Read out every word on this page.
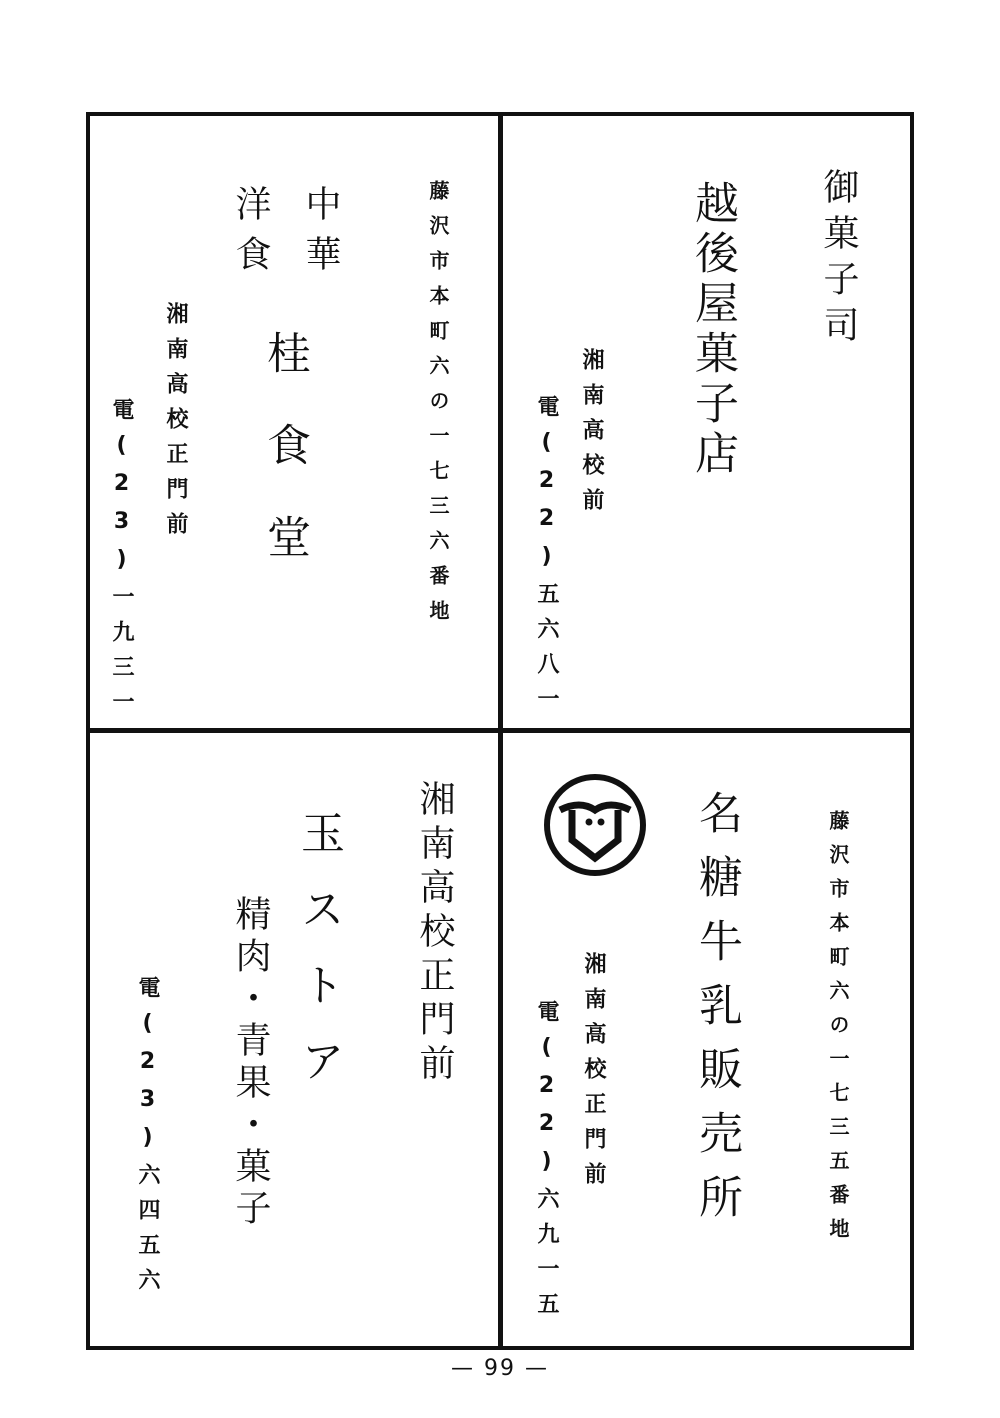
御菓子司
越後屋菓子店
湘南高校前
電(22)五六八一
藤沢市本町六の一七三六番地
中華
洋食
桂食堂
湘南高校正門前
電(23)一九三一
藤沢市本町六の一七三五番地
名糖牛乳販売所
湘南高校正門前
電(22)六九一五
湘南高校正門前
玉ストア
精肉・青果・菓子
電(23)六四五六
— 99 —
